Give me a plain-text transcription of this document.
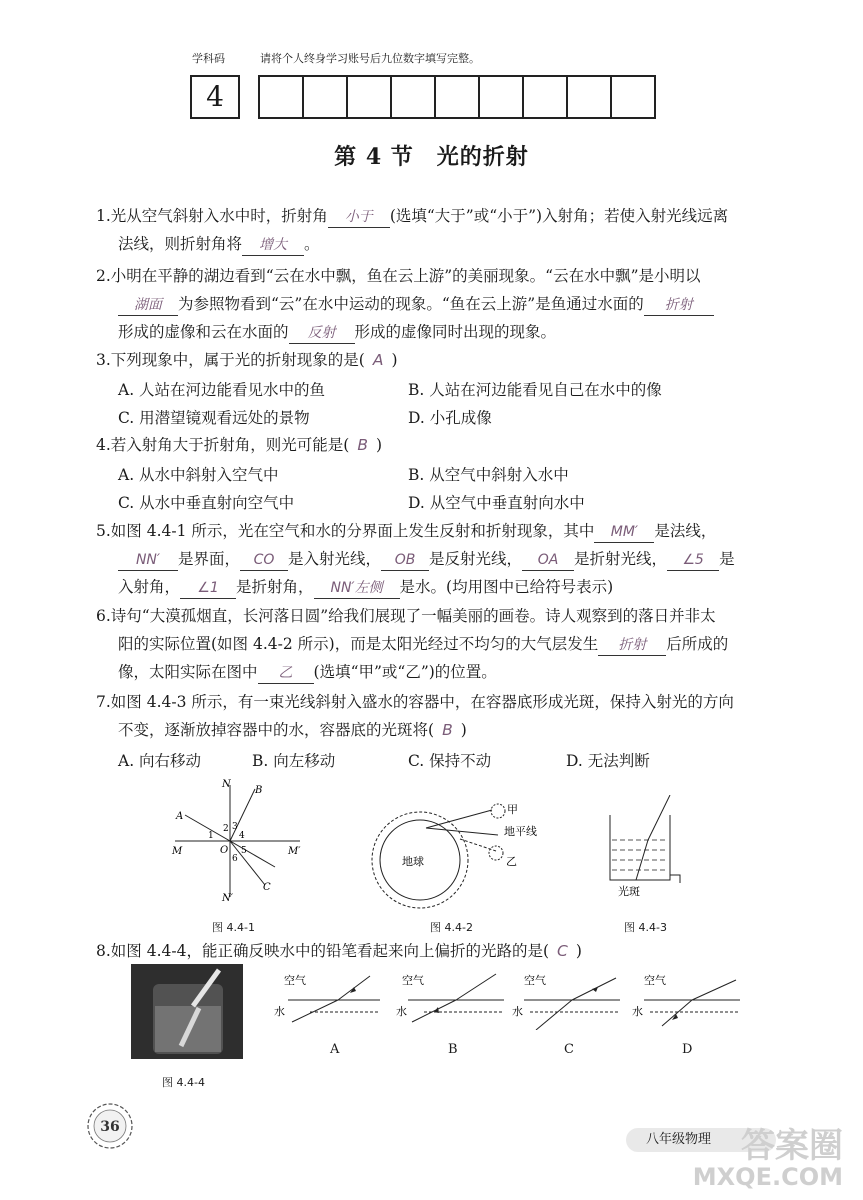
学科码	请将个人终身学习账号后九位数字填写完整。
4
第 4 节　光的折射
1.光从空气斜射入水中时，折射角 小于 (选填“大于”或“小于”)入射角；若使入射光线远离
法线，则折射角将 增大 。
2.小明在平静的湖边看到“云在水中飘，鱼在云上游”的美丽现象。“云在水中飘”是小明以
湖面 为参照物看到“云”在水中运动的现象。“鱼在云上游”是鱼通过水面的 折射
形成的虚像和云在水面的 反射 形成的虚像同时出现的现象。
3.下列现象中，属于光的折射现象的是( A )
A. 人站在河边能看见水中的鱼	B. 人站在河边能看见自己在水中的像
C. 用潜望镜观看远处的景物	D. 小孔成像
4.若入射角大于折射角，则光可能是( B )
A. 从水中斜射入空气中	B. 从空气中斜射入水中
C. 从水中垂直射向空气中	D. 从空气中垂直射向水中
5.如图 4.4-1 所示，光在空气和水的分界面上发生反射和折射现象，其中 MM′ 是法线，
NN′ 是界面， CO 是入射光线， OB 是反射光线， OA 是折射光线， ∠5 是
入射角， ∠1 是折射角， NN′左侧 是水。(均用图中已给符号表示)
6.诗句“大漠孤烟直，长河落日圆”给我们展现了一幅美丽的画卷。诗人观察到的落日并非太
阳的实际位置(如图 4.4-2 所示)，而是太阳光经过不均匀的大气层发生 折射 后所成的
像，太阳实际在图中 乙 (选填“甲”或“乙”)的位置。
7.如图 4.4-3 所示，有一束光线斜射入盛水的容器中，在容器底形成光斑，保持入射光的方向
不变，逐渐放掉容器中的水，容器底的光斑将( B )
A. 向右移动	B. 向左移动	C. 保持不动	D. 无法判断
N
B
A
M	O	M′
N′
C
1
2 3
4
5
6
图 4.4-1
地球
甲
地平线
乙
图 4.4-2
光斑
图 4.4-3
8.如图 4.4-4，能正确反映水中的铅笔看起来向上偏折的光路的是( C )
图 4.4-4
空气
水
A
空气
水
B
空气
水
C
空气
水
D
36
八年级物理 答案圈
MXQE.COM
